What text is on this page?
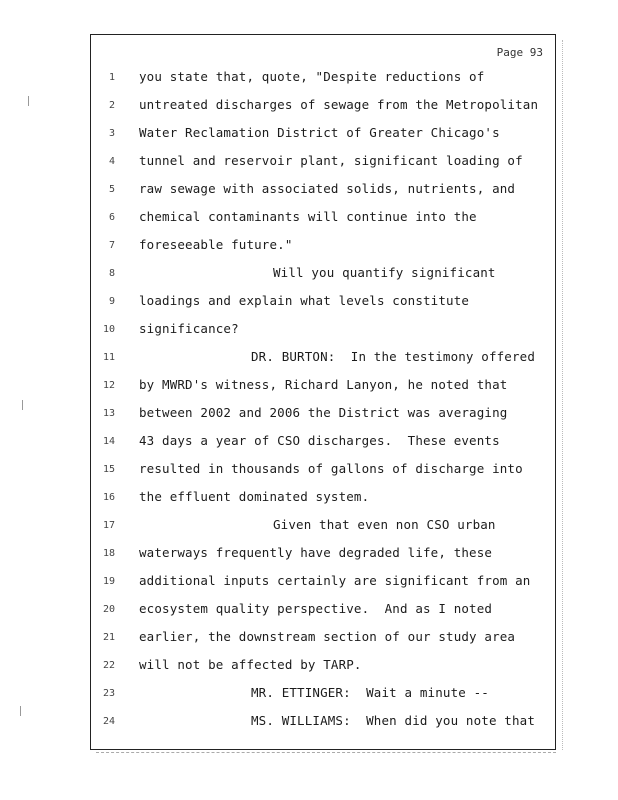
Page 93
1 you state that, quote, "Despite reductions of
2 untreated discharges of sewage from the Metropolitan
3 Water Reclamation District of Greater Chicago's
4 tunnel and reservoir plant, significant loading of
5 raw sewage with associated solids, nutrients, and
6 chemical contaminants will continue into the
7 foreseeable future."
8	Will you quantify significant
9 loadings and explain what levels constitute
10 significance?
11	DR. BURTON:  In the testimony offered
12 by MWRD's witness, Richard Lanyon, he noted that
13 between 2002 and 2006 the District was averaging
14 43 days a year of CSO discharges.  These events
15 resulted in thousands of gallons of discharge into
16 the effluent dominated system.
17	Given that even non CSO urban
18 waterways frequently have degraded life, these
19 additional inputs certainly are significant from an
20 ecosystem quality perspective.  And as I noted
21 earlier, the downstream section of our study area
22 will not be affected by TARP.
23	MR. ETTINGER:  Wait a minute --
24	MS. WILLIAMS:  When did you note that
